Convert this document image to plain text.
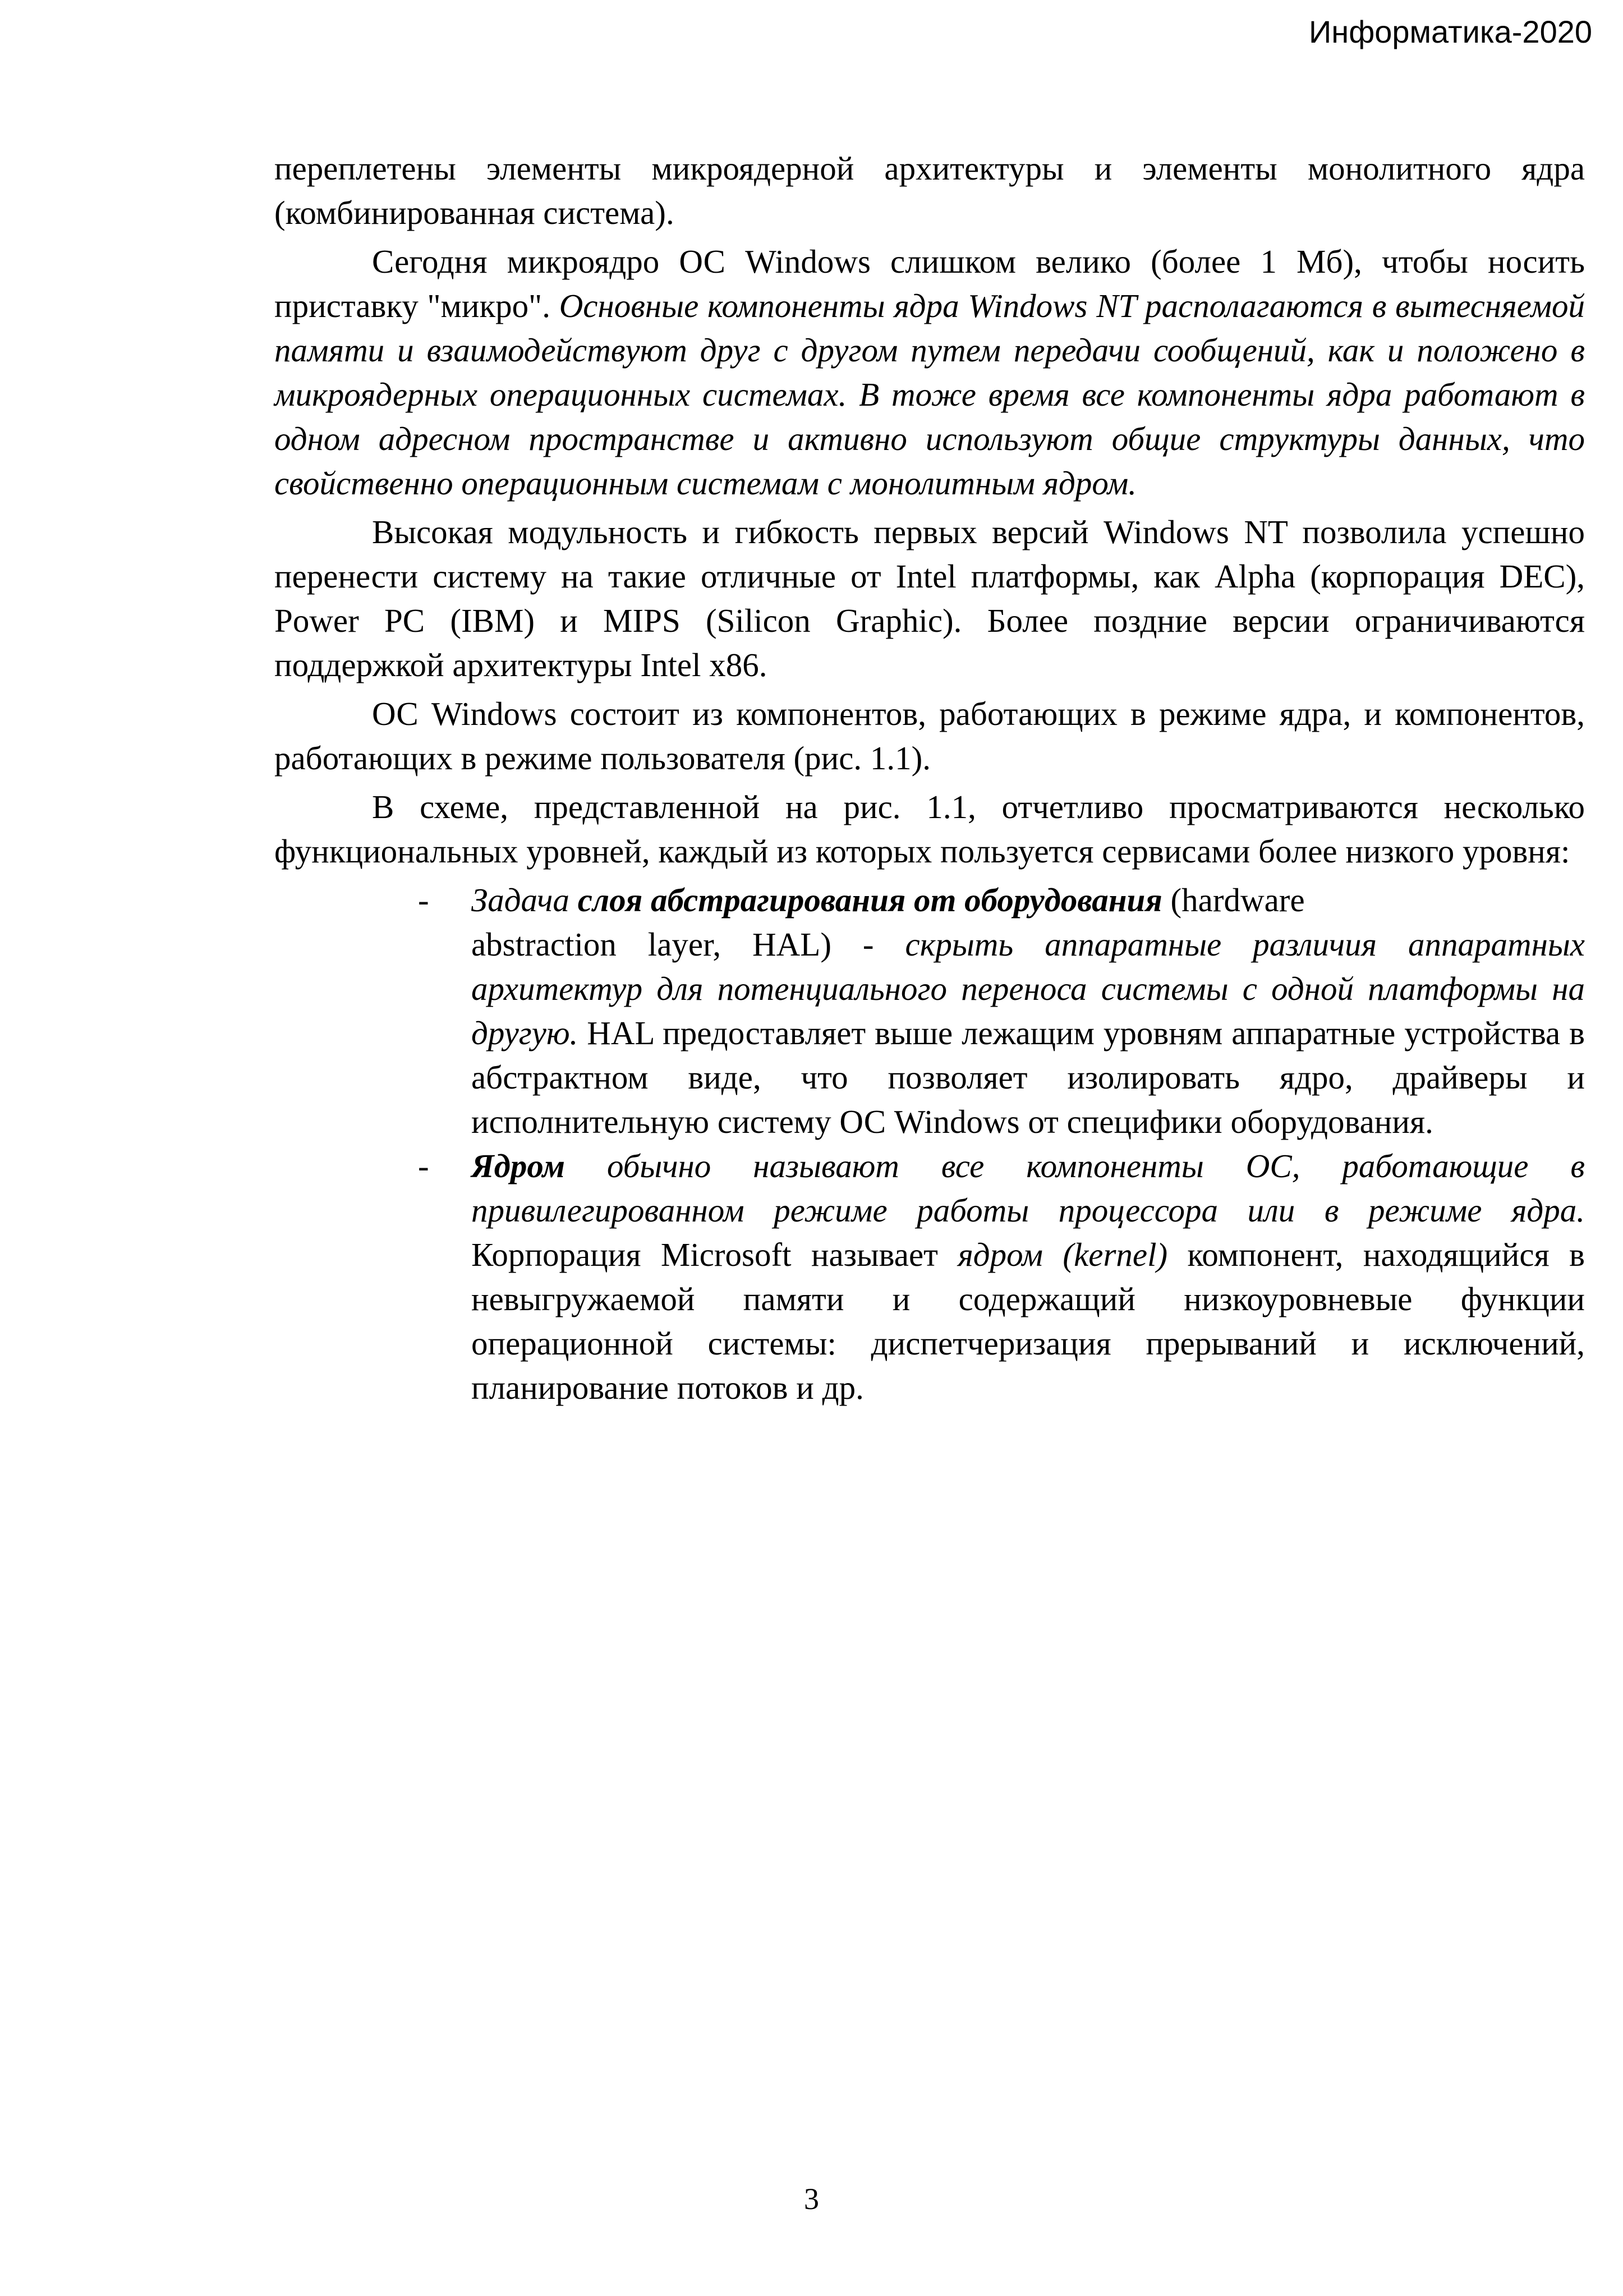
Информатика-2020

переплетены элементы микроядерной архитектуры и элементы монолитного ядра (комбинированная система).

Сегодня микроядро ОС Windows слишком велико (более 1 Мб), чтобы носить приставку "микро". Основные компоненты ядра Windows NT располагаются в вытесняемой памяти и взаимодействуют друг с другом путем передачи сообщений, как и положено в микроядерных операционных системах. В тоже время все компоненты ядра работают в одном адресном пространстве и активно используют общие структуры данных, что свойственно операционным системам с монолитным ядром.

Высокая модульность и гибкость первых версий Windows NT позволила успешно перенести систему на такие отличные от Intel платформы, как Alpha (корпорация DEC), Power PC (IBM) и MIPS (Silicon Graphic). Более поздние версии ограничиваются поддержкой архитектуры Intel x86.

ОС Windows состоит из компонентов, работающих в режиме ядра, и компонентов, работающих в режиме пользователя (рис. 1.1).

В схеме, представленной на рис. 1.1, отчетливо просматриваются несколько функциональных уровней, каждый из которых пользуется сервисами более низкого уровня:

- Задача слоя абстрагирования от оборудования (hardware
abstraction layer, HAL) - скрыть аппаратные различия аппаратных архитектур для потенциального переноса системы с одной платформы на другую. HAL предоставляет выше лежащим уровням аппаратные устройства в абстрактном виде, что позволяет изолировать ядро, драйверы и исполнительную систему ОС Windows от специфики оборудования.
- Ядром обычно называют все компоненты ОС, работающие в привилегированном режиме работы процессора или в режиме ядра. Корпорация Microsoft называет ядром (kernel) компонент, находящийся в невыгружаемой памяти и содержащий низкоуровневые функции операционной системы: диспетчеризация прерываний и исключений, планирование потоков и др.
3
